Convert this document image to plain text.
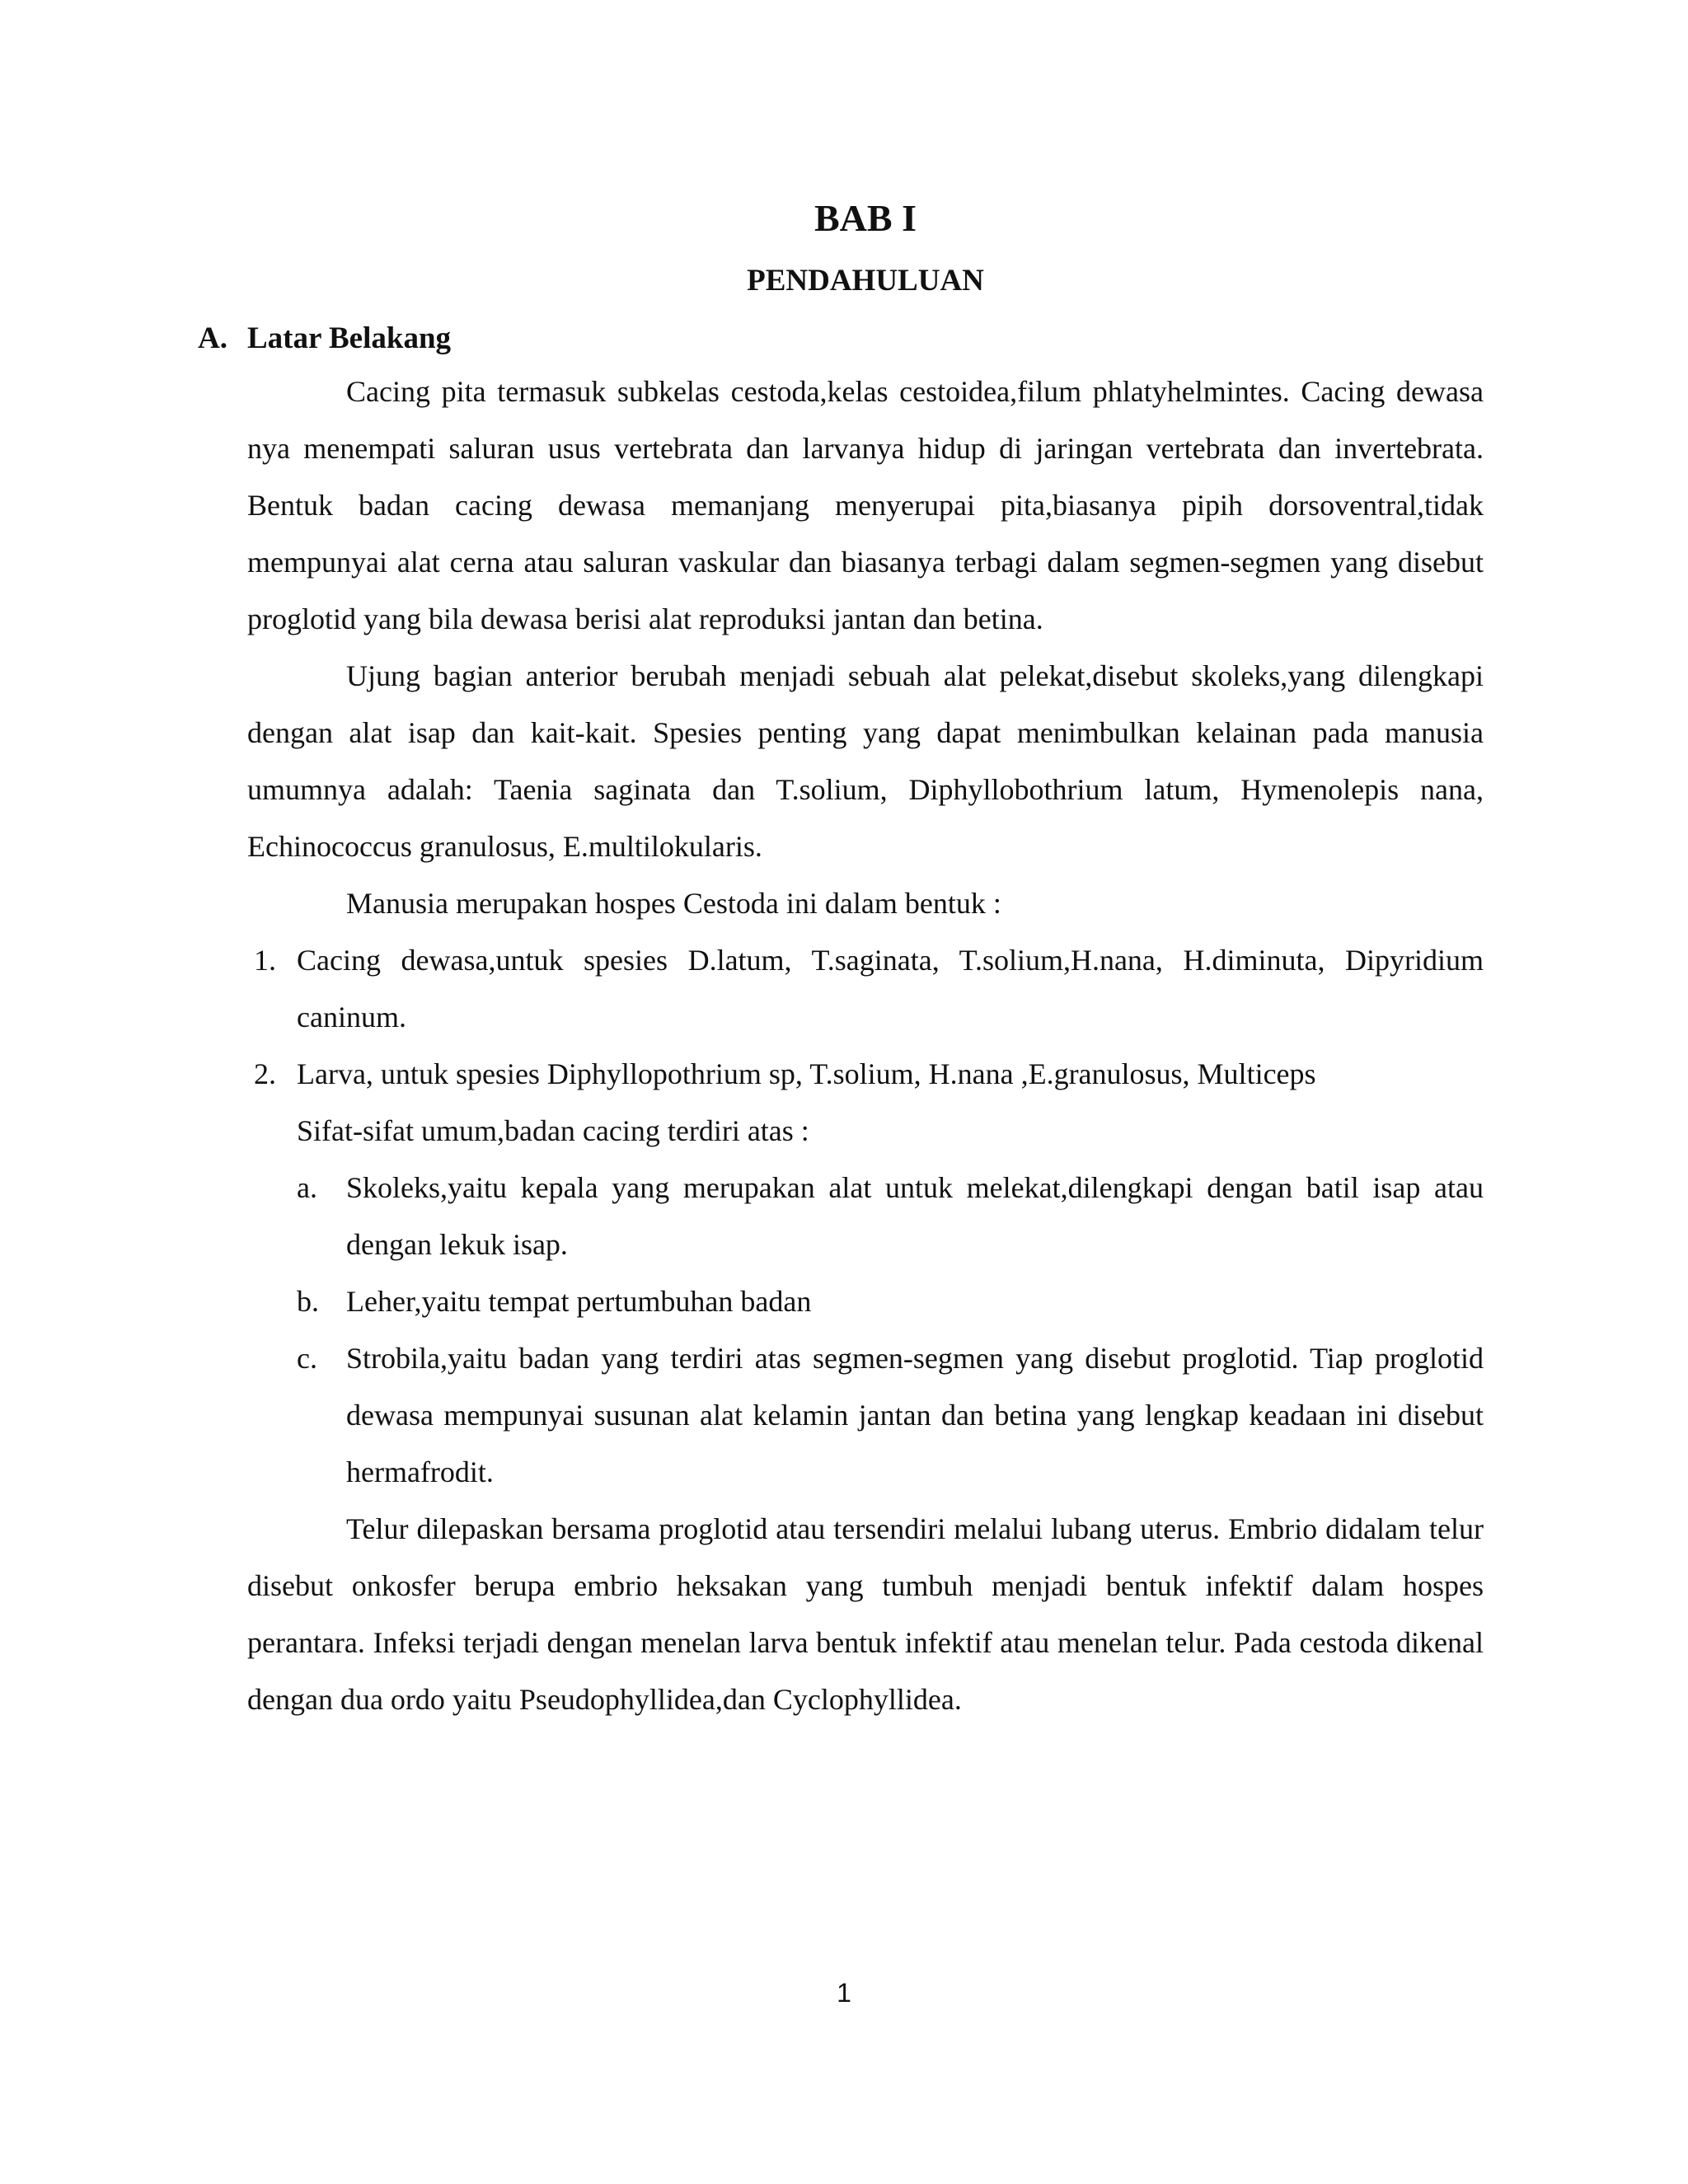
BAB I
PENDAHULUAN
A. Latar Belakang

Cacing pita termasuk subkelas cestoda,kelas cestoidea,filum phlatyhelmintes. Cacing dewasa nya menempati saluran usus vertebrata dan larvanya hidup di jaringan vertebrata dan invertebrata. Bentuk badan cacing dewasa memanjang menyerupai pita,biasanya pipih dorsoventral,tidak mempunyai alat cerna atau saluran vaskular dan biasanya terbagi dalam segmen-segmen yang disebut proglotid yang bila dewasa berisi alat reproduksi jantan dan betina.

Ujung bagian anterior berubah menjadi sebuah alat pelekat,disebut skoleks,yang dilengkapi dengan alat isap dan kait-kait. Spesies penting yang dapat menimbulkan kelainan pada manusia umumnya adalah: Taenia saginata dan T.solium, Diphyllobothrium latum, Hymenolepis nana, Echinococcus granulosus, E.multilokularis.

Manusia merupakan hospes Cestoda ini dalam bentuk :

1. Cacing dewasa,untuk spesies D.latum, T.saginata, T.solium,H.nana, H.diminuta, Dipyridium caninum.
2. Larva, untuk spesies Diphyllopothrium sp, T.solium, H.nana ,E.granulosus, Multiceps
Sifat-sifat umum,badan cacing terdiri atas :
a. Skoleks,yaitu kepala yang merupakan alat untuk melekat,dilengkapi dengan batil isap atau dengan lekuk isap.
b. Leher,yaitu tempat pertumbuhan badan
c. Strobila,yaitu badan yang terdiri atas segmen-segmen yang disebut proglotid. Tiap proglotid dewasa mempunyai susunan alat kelamin jantan dan betina yang lengkap keadaan ini disebut hermafrodit.

Telur dilepaskan bersama proglotid atau tersendiri melalui lubang uterus. Embrio didalam telur disebut onkosfer berupa embrio heksakan yang tumbuh menjadi bentuk infektif dalam hospes perantara. Infeksi terjadi dengan menelan larva bentuk infektif atau menelan telur. Pada cestoda dikenal dengan dua ordo yaitu Pseudophyllidea,dan Cyclophyllidea.

1
